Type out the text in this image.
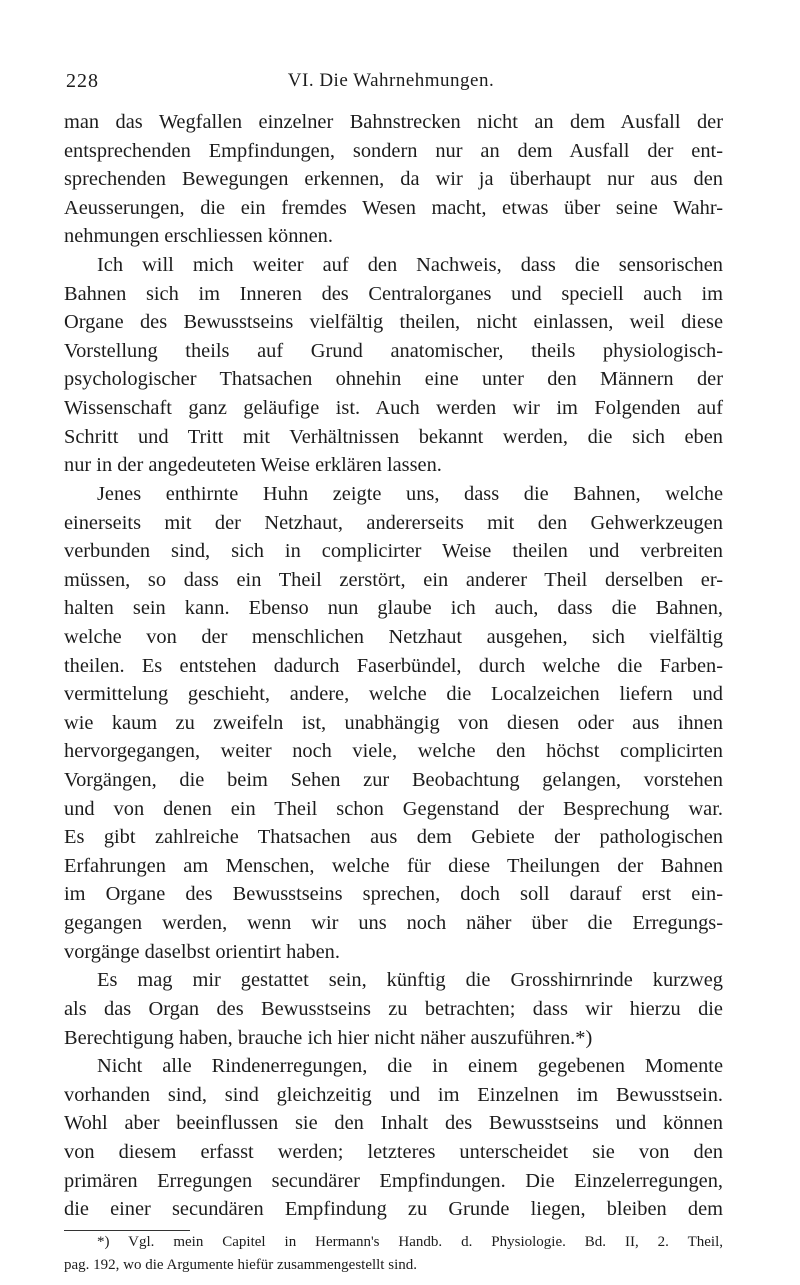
228	VI. Die Wahrnehmungen.
man das Wegfallen einzelner Bahnstrecken nicht an dem Ausfall der
entsprechenden Empfindungen, sondern nur an dem Ausfall der ent-
sprechenden Bewegungen erkennen, da wir ja überhaupt nur aus den
Aeusserungen, die ein fremdes Wesen macht, etwas über seine Wahr-
nehmungen erschliessen können.
Ich will mich weiter auf den Nachweis, dass die sensorischen
Bahnen sich im Inneren des Centralorganes und speciell auch im
Organe des Bewusstseins vielfältig theilen, nicht einlassen, weil diese
Vorstellung theils auf Grund anatomischer, theils physiologisch-
psychologischer Thatsachen ohnehin eine unter den Männern der
Wissenschaft ganz geläufige ist. Auch werden wir im Folgenden auf
Schritt und Tritt mit Verhältnissen bekannt werden, die sich eben
nur in der angedeuteten Weise erklären lassen.
Jenes enthirnte Huhn zeigte uns, dass die Bahnen, welche
einerseits mit der Netzhaut, andererseits mit den Gehwerkzeugen
verbunden sind, sich in complicirter Weise theilen und verbreiten
müssen, so dass ein Theil zerstört, ein anderer Theil derselben er-
halten sein kann. Ebenso nun glaube ich auch, dass die Bahnen,
welche von der menschlichen Netzhaut ausgehen, sich vielfältig
theilen. Es entstehen dadurch Faserbündel, durch welche die Farben-
vermittelung geschieht, andere, welche die Localzeichen liefern und
wie kaum zu zweifeln ist, unabhängig von diesen oder aus ihnen
hervorgegangen, weiter noch viele, welche den höchst complicirten
Vorgängen, die beim Sehen zur Beobachtung gelangen, vorstehen
und von denen ein Theil schon Gegenstand der Besprechung war.
Es gibt zahlreiche Thatsachen aus dem Gebiete der pathologischen
Erfahrungen am Menschen, welche für diese Theilungen der Bahnen
im Organe des Bewusstseins sprechen, doch soll darauf erst ein-
gegangen werden, wenn wir uns noch näher über die Erregungs-
vorgänge daselbst orientirt haben.
Es mag mir gestattet sein, künftig die Grosshirnrinde kurzweg
als das Organ des Bewusstseins zu betrachten; dass wir hierzu die
Berechtigung haben, brauche ich hier nicht näher auszuführen.*)
Nicht alle Rindenerregungen, die in einem gegebenen Momente
vorhanden sind, sind gleichzeitig und im Einzelnen im Bewusstsein.
Wohl aber beeinflussen sie den Inhalt des Bewusstseins und können
von diesem erfasst werden; letzteres unterscheidet sie von den
primären Erregungen secundärer Empfindungen. Die Einzelerregungen,
die einer secundären Empfindung zu Grunde liegen, bleiben dem
*) Vgl. mein Capitel in Hermann's Handb. d. Physiologie. Bd. II, 2. Theil,
pag. 192, wo die Argumente hiefür zusammengestellt sind.
